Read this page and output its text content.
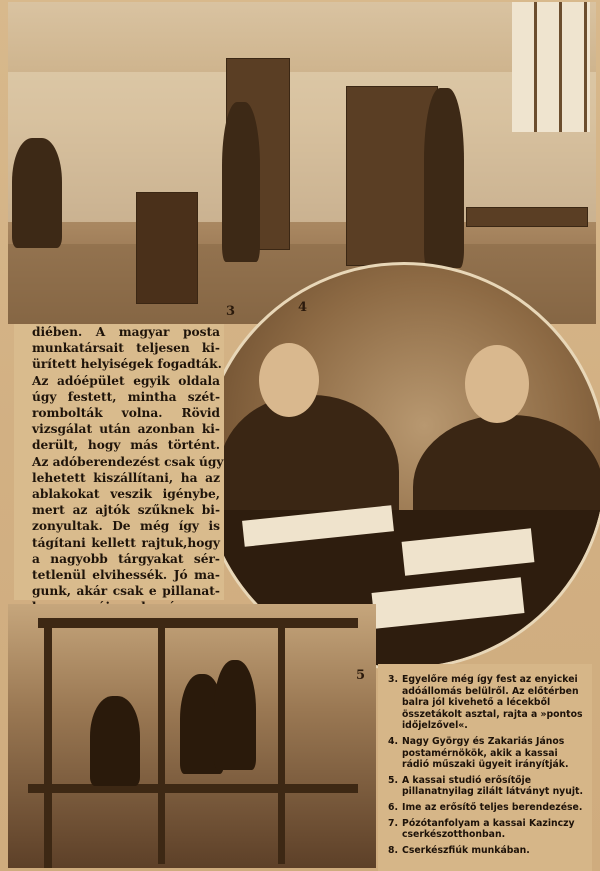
3	4
diében. A magyar posta
munkatársait teljesen ki-
ürített helyiségek fogadták.
Az adóépület egyik oldala
úgy festett, mintha szét-
rombolták volna. Rövid
vizsgálat után azonban ki-
derült, hogy más történt.
Az adóberendezést csak úgy
lehetett kiszállítani, ha az
ablakokat veszik igénybe,
mert az ajtók szűknek bi-
zonyultak. De még így is
tágítani kellett rajtuk,hogy
a nagyobb tárgyakat sér-
tetlenül elvihessék. Jó ma-
gunk, akár csak e pillanat-
5	3. Egyelőre még így fest az enyickei adóállomás belülről. Az előtérben balra jól kivehető a lécekből összetákolt asztal, rajta a »pontos időjelzővel«.
4. Nagy György és Zakariás János postamérnökök, akik a kassai rádió műszaki ügyeit irányítják.
5. A kassai studió erősítője pillanatnyilag zilált látványt nyujt.
6. Ime az erősítő teljes berendezése.
7. Pózótanfolyam a kassai Kazinczy cserkészotthonban.
8. Cserkészfiúk munkában.
